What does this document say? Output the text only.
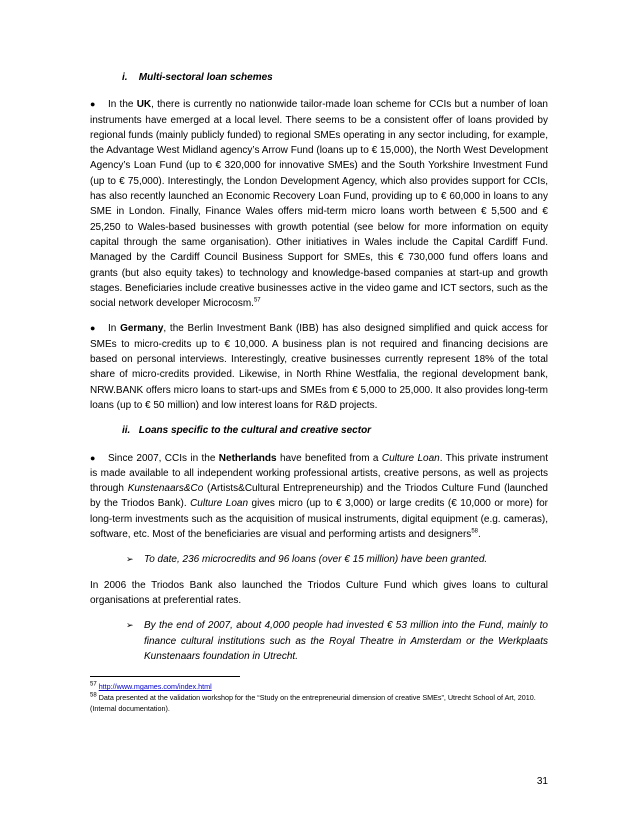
i. Multi-sectoral loan schemes

● In the UK, there is currently no nationwide tailor-made loan scheme for CCIs but a number of loan instruments have emerged at a local level. There seems to be a consistent offer of loans provided by regional funds (mainly publicly funded) to regional SMEs operating in any sector including, for example, the Advantage West Midland agency’s Arrow Fund (loans up to € 15,000), the North West Development Agency’s Loan Fund (up to € 320,000 for innovative SMEs) and the South Yorkshire Investment Fund (up to € 75,000). Interestingly, the London Development Agency, which also provides support for CCIs, has also recently launched an Economic Recovery Loan Fund, providing up to € 60,000 in loans to any SME in London. Finally, Finance Wales offers mid-term micro loans worth between € 5,500 and € 25,250 to Wales-based businesses with growth potential (see below for more information on equity capital through the same organisation). Other initiatives in Wales include the Capital Cardiff Fund. Managed by the Cardiff Council Business Support for SMEs, this € 730,000 fund offers loans and grants (but also equity takes) to technology and knowledge-based companies at start-up and growth stages. Beneficiaries include creative businesses active in the video game and ICT sectors, such as the social network developer Microcosm.$^{57}$

● In Germany, the Berlin Investment Bank (IBB) has also designed simplified and quick access for SMEs to micro-credits up to € 10,000. A business plan is not required and financing decisions are based on personal interviews. Interestingly, creative businesses currently represent 18% of the total share of micro-credits provided. Likewise, in North Rhine Westfalia, the regional development bank, NRW.BANK offers micro loans to start-ups and SMEs from € 5,000 to 25,000. It also provides long-term loans (up to € 50 million) and low interest loans for R&D projects.

ii. Loans specific to the cultural and creative sector

● Since 2007, CCIs in the Netherlands have benefited from a Culture Loan. This private instrument is made available to all independent working professional artists, creative persons, as well as projects through Kunstenaars&Co (Artists&Cultural Entrepreneurship) and the Triodos Culture Fund (launched by the Triodos Bank). Culture Loan gives micro (up to € 3,000) or large credits (€ 10,000 or more) for long-term investments such as the acquisition of musical instruments, digital equipment (e.g. cameras), software, etc. Most of the beneficiaries are visual and performing artists and designers$^{58}$.

➢	To date, 236 microcredits and 96 loans (over € 15 million) have been granted.

In 2006 the Triodos Bank also launched the Triodos Culture Fund which gives loans to cultural organisations at preferential rates.

➢	By the end of 2007, about 4,000 people had invested € 53 million into the Fund, mainly to finance cultural institutions such as the Royal Theatre in Amsterdam or the Werkplaats Kunstenaars foundation in Utrecht.

$^{57}$ http://www.mgames.com/index.html

$^{58}$ Data presented at the validation workshop for the “Study on the entrepreneurial dimension of creative SMEs”, Utrecht School of Art, 2010. (Internal documentation).

31
